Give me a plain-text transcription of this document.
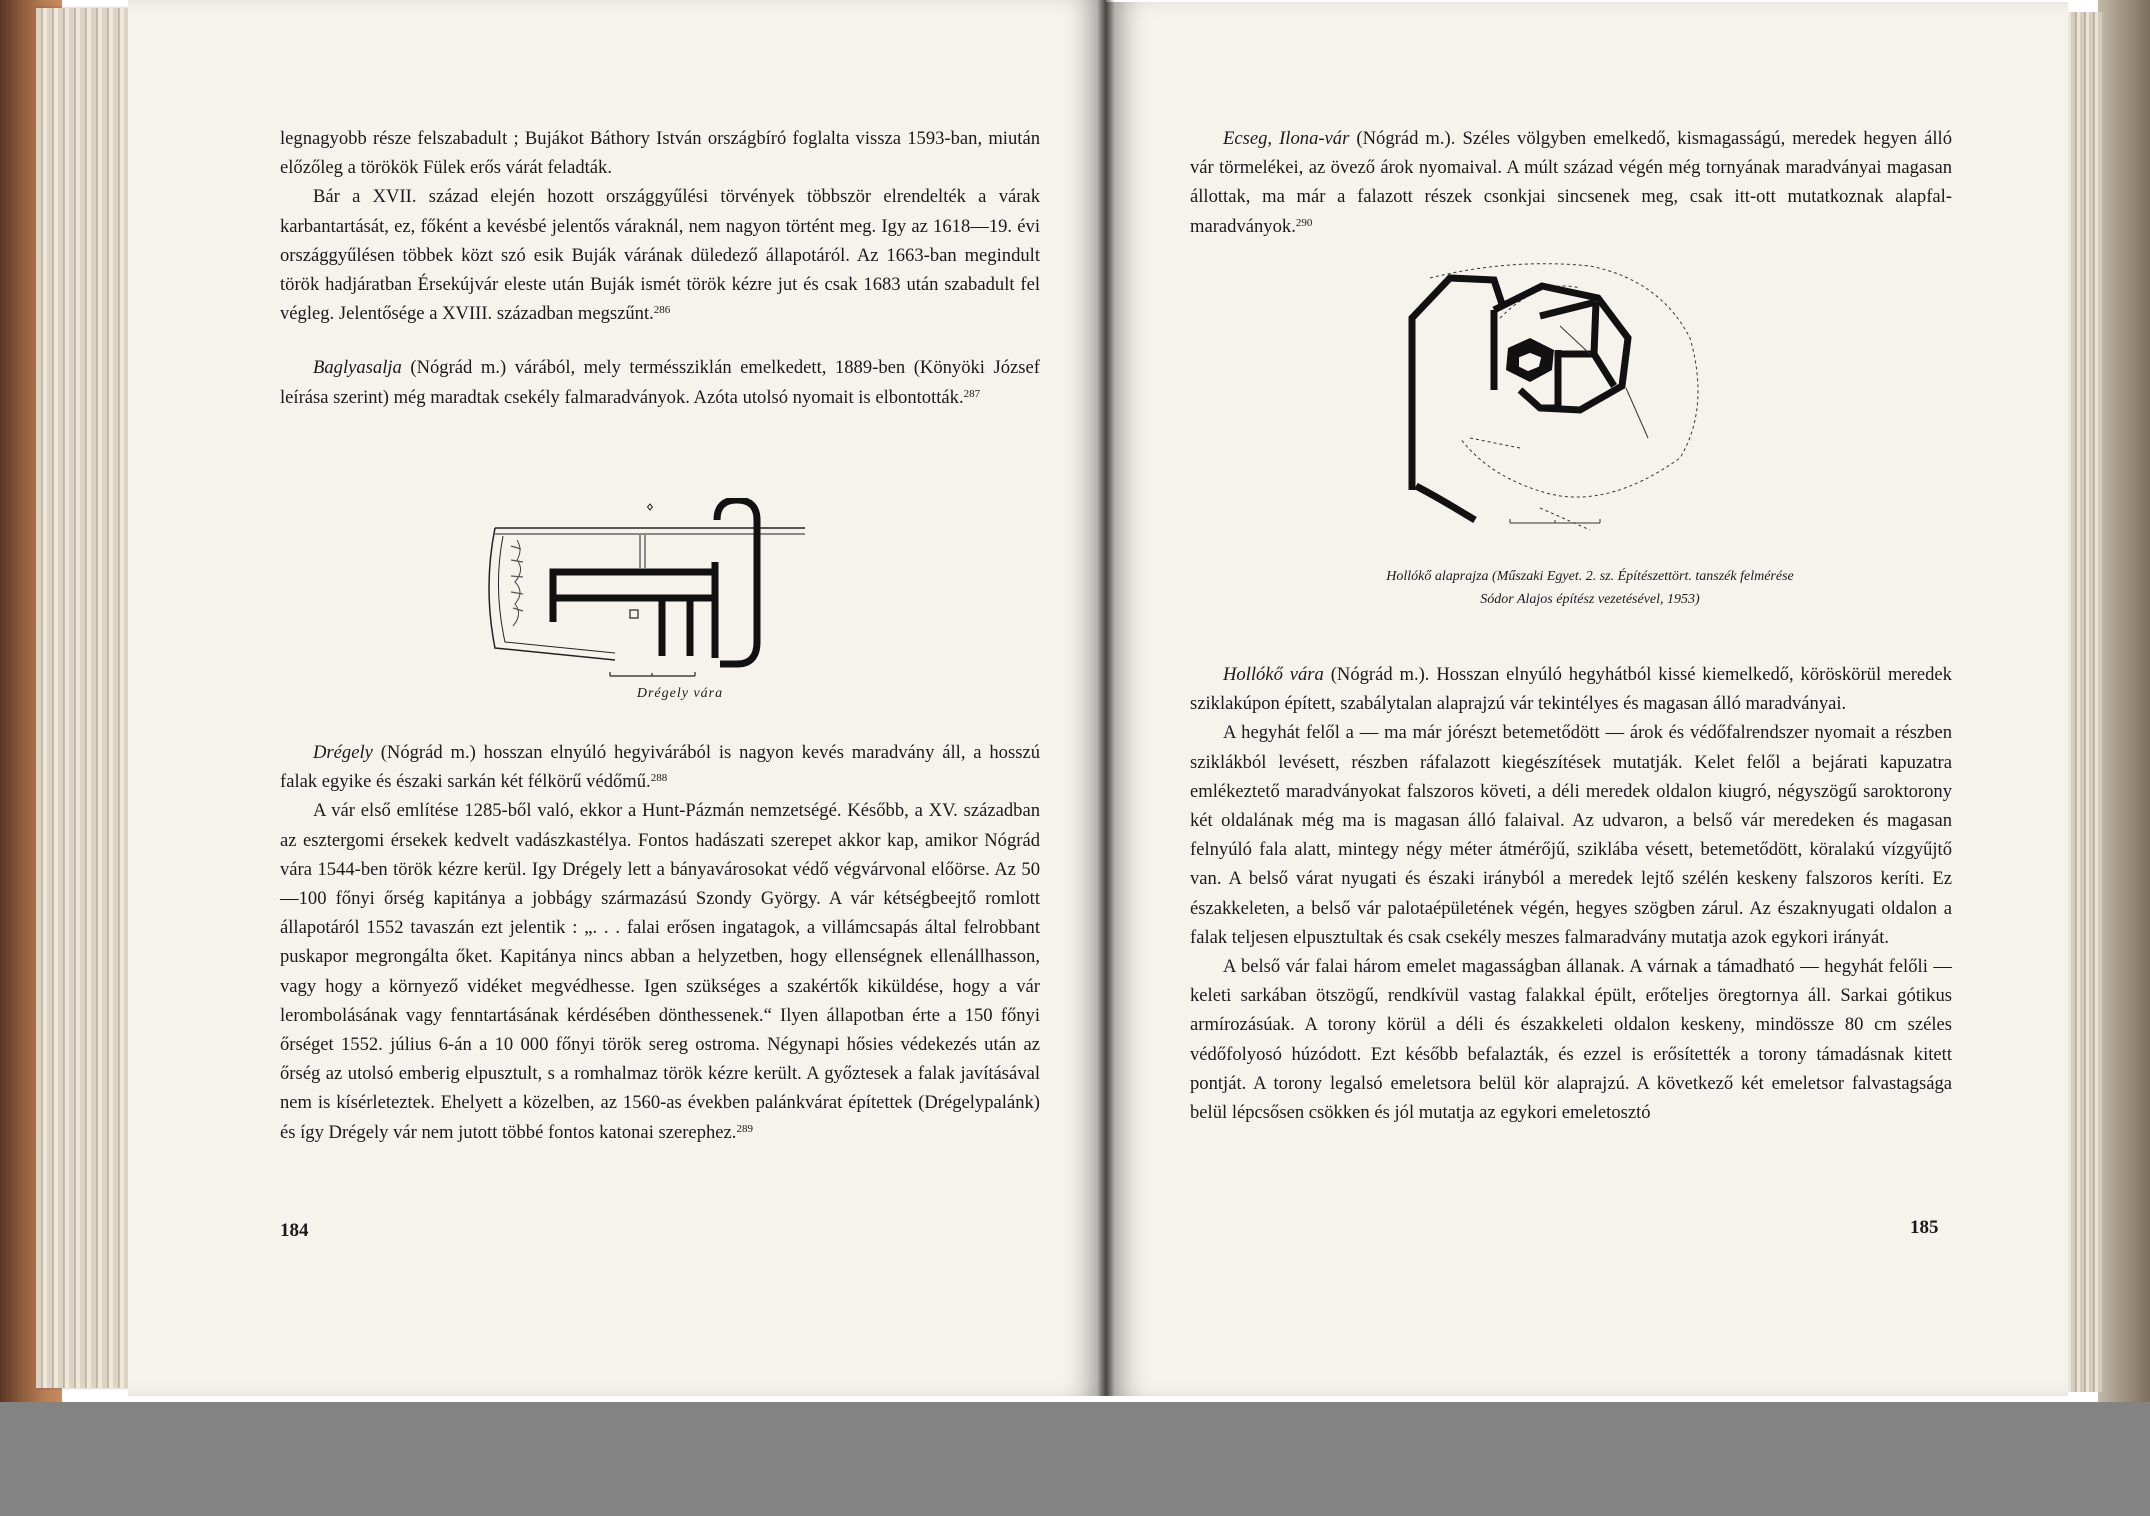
legnagyobb része felszabadult ; Bujákot Báthory István országbíró foglalta vissza 1593-ban, miután előzőleg a törökök Fülek erős várát feladták.

Bár a XVII. század elején hozott országgyűlési törvények többször elrendelték a várak karbantartását, ez, főként a kevésbé jelentős váraknál, nem nagyon történt meg. Igy az 1618—19. évi országgyűlésen többek közt szó esik Buják várának düledező állapotáról. Az 1663-ban megindult török hadjáratban Érsekújvár eleste után Buják ismét török kézre jut és csak 1683 után szabadult fel végleg. Jelentősége a XVIII. században megszűnt.$^{286}$

Baglyasalja (Nógrád m.) várából, mely terméssziklán emelkedett, 1889-ben (Könyöki József leírása szerint) még maradtak csekély falmaradványok. Azóta utolsó nyomait is elbontották.$^{287}$

Drégely vára

Drégely (Nógrád m.) hosszan elnyúló hegyivárából is nagyon kevés maradvány áll, a hosszú falak egyike és északi sarkán két félkörű védőmű.$^{288}$

A vár első említése 1285-ből való, ekkor a Hunt-Pázmán nemzetségé. Később, a XV. században az esztergomi érsekek kedvelt vadászkastélya. Fontos hadászati szerepet akkor kap, amikor Nógrád vára 1544-ben török kézre kerül. Igy Drégely lett a bányavárosokat védő végvárvonal előörse. Az 50—100 főnyi őrség kapitánya a jobbágy származású Szondy György. A vár kétségbeejtő romlott állapotáról 1552 tavaszán ezt jelentik : „. . . falai erősen ingatagok, a villámcsapás által felrobbant puskapor megrongálta őket. Kapitánya nincs abban a helyzetben, hogy ellenségnek ellenállhasson, vagy hogy a környező vidéket megvédhesse. Igen szükséges a szakértők kiküldése, hogy a vár lerombolásának vagy fenntartásának kérdésében dönthessenek.“ Ilyen állapotban érte a 150 főnyi őrséget 1552. július 6-án a 10 000 főnyi török sereg ostroma. Négynapi hősies védekezés után az őrség az utolsó emberig elpusztult, s a romhalmaz török kézre került. A győztesek a falak javításával nem is kísérleteztek. Ehelyett a közelben, az 1560-as években palánkvárat építettek (Drégelypalánk) és így Drégely vár nem jutott többé fontos katonai szerephez.$^{289}$

184

Ecseg, Ilona-vár (Nógrád m.). Széles völgyben emelkedő, kismagasságú, meredek hegyen álló vár törmelékei, az övező árok nyomaival. A múlt század végén még tornyának maradványai magasan állottak, ma már a falazott részek csonkjai sincsenek meg, csak itt-ott mutatkoznak alapfal-maradványok.$^{290}$

Hollókő alaprajza (Műszaki Egyet. 2. sz. Építészettört. tanszék felmérése
Sódor Alajos építész vezetésével, 1953)

Hollókő vára (Nógrád m.). Hosszan elnyúló hegyhátból kissé kiemelkedő, köröskörül meredek sziklakúpon épített, szabálytalan alaprajzú vár tekintélyes és magasan álló maradványai.

A hegyhát felől a — ma már jórészt betemetődött — árok és védőfalrendszer nyomait a részben sziklákból levésett, részben ráfalazott kiegészítések mutatják. Kelet felől a bejárati kapuzatra emlékeztető maradványokat falszoros követi, a déli meredek oldalon kiugró, négyszögű saroktorony két oldalának még ma is magasan álló falaival. Az udvaron, a belső vár meredeken és magasan felnyúló fala alatt, mintegy négy méter átmérőjű, sziklába vésett, betemetődött, köralakú vízgyűjtő van. A belső várat nyugati és északi irányból a meredek lejtő szélén keskeny falszoros keríti. Ez északkeleten, a belső vár palotaépületének végén, hegyes szögben zárul. Az északnyugati oldalon a falak teljesen elpusztultak és csak csekély meszes falmaradvány mutatja azok egykori irányát.

A belső vár falai három emelet magasságban állanak. A várnak a támadható — hegyhát felőli — keleti sarkában ötszögű, rendkívül vastag falakkal épült, erőteljes öregtornya áll. Sarkai gótikus armírozásúak. A torony körül a déli és északkeleti oldalon keskeny, mindössze 80 cm széles védőfolyosó húzódott. Ezt később befalazták, és ezzel is erősítették a torony támadásnak kitett pontját. A torony legalsó emeletsora belül kör alaprajzú. A következő két emeletsor falvastagsága belül lépcsősen csökken és jól mutatja az egykori emeletosztó

185
